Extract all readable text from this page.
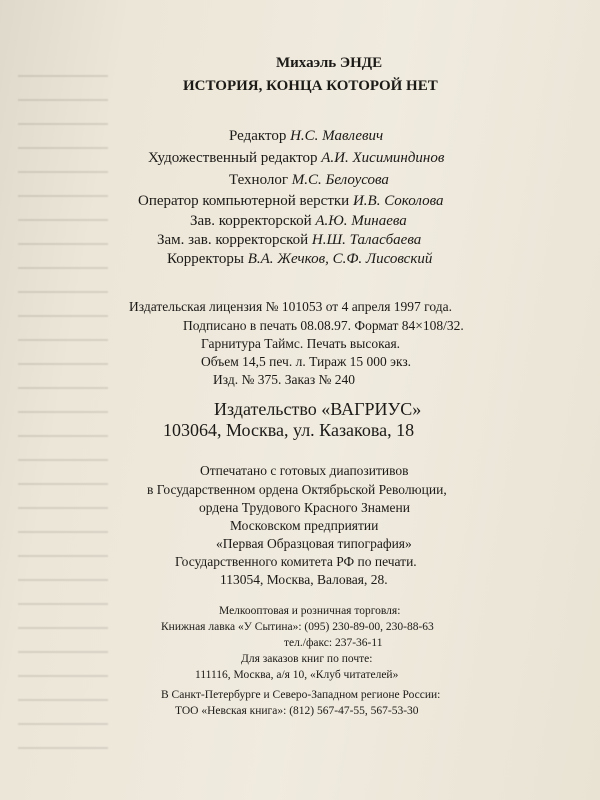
Михаэль ЭНДЕ
ИСТОРИЯ, КОНЦА КОТОРОЙ НЕТ
Редактор Н.С. Мавлевич
Художественный редактор А.И. Хисиминдинов
Технолог М.С. Белоусова
Оператор компьютерной верстки И.В. Соколова
Зав. корректорской А.Ю. Минаева
Зам. зав. корректорской Н.Ш. Таласбаева
Корректоры В.А. Жечков, С.Ф. Лисовский
Издательская лицензия № 101053 от 4 апреля 1997 года.
Подписано в печать 08.08.97. Формат 84×108/32.
Гарнитура Таймс. Печать высокая.
Объем 14,5 печ. л. Тираж 15 000 экз.
Изд. № 375. Заказ № 240
Издательство «ВАГРИУС»
103064, Москва, ул. Казакова, 18
Отпечатано с готовых диапозитивов
в Государственном ордена Октябрьской Революции,
ордена Трудового Красного Знамени
Московском предприятии
«Первая Образцовая типография»
Государственного комитета РФ по печати.
113054, Москва, Валовая, 28.
Мелкооптовая и розничная торговля:
Книжная лавка «У Сытина»: (095) 230-89-00, 230-88-63
тел./факс: 237-36-11
Для заказов книг по почте:
111116, Москва, а/я 10, «Клуб читателей»
В Санкт-Петербурге и Северо-Западном регионе России:
ТОО «Невская книга»: (812) 567-47-55, 567-53-30
